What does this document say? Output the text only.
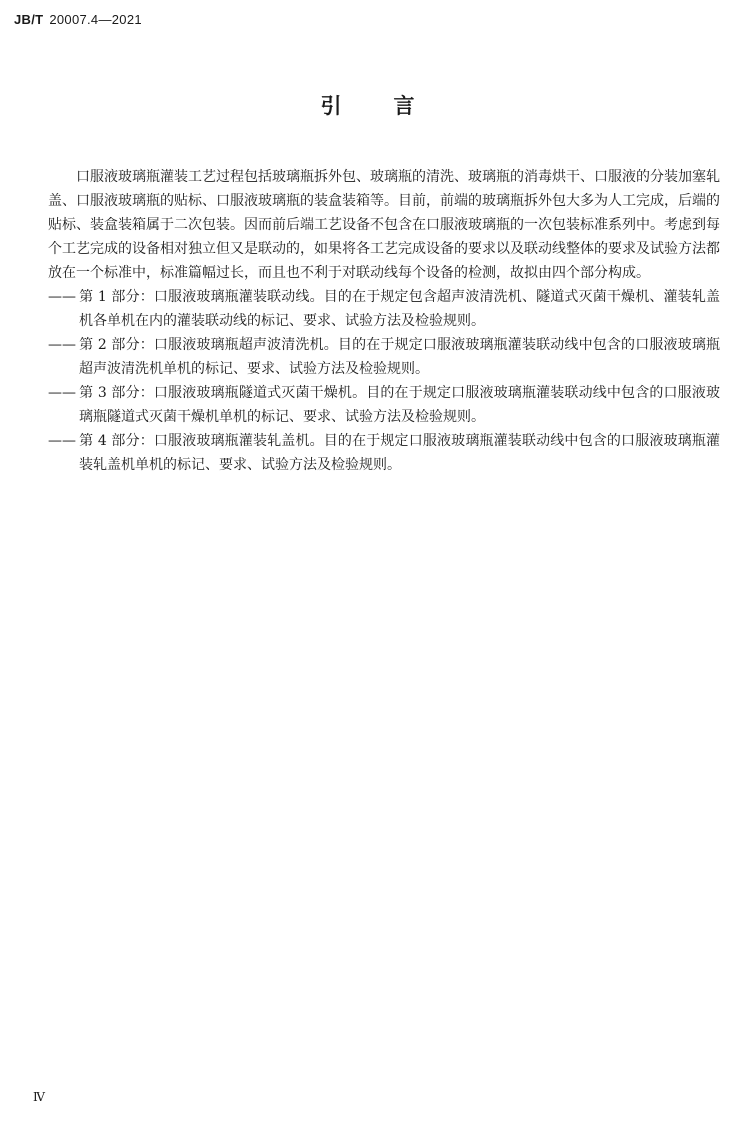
JB/T 20007.4—2021
引言

口服液玻璃瓶灌装工艺过程包括玻璃瓶拆外包、玻璃瓶的清洗、玻璃瓶的消毒烘干、口服液的分装加塞轧盖、口服液玻璃瓶的贴标、口服液玻璃瓶的装盒装箱等。目前，前端的玻璃瓶拆外包大多为人工完成，后端的贴标、装盒装箱属于二次包装。因而前后端工艺设备不包含在口服液玻璃瓶的一次包装标准系列中。考虑到每个工艺完成的设备相对独立但又是联动的，如果将各工艺完成设备的要求以及联动线整体的要求及试验方法都放在一个标准中，标准篇幅过长，而且也不利于对联动线每个设备的检测，故拟由四个部分构成。

—— 第 1 部分：口服液玻璃瓶灌装联动线。目的在于规定包含超声波清洗机、隧道式灭菌干燥机、灌装轧盖机各单机在内的灌装联动线的标记、要求、试验方法及检验规则。

—— 第 2 部分：口服液玻璃瓶超声波清洗机。目的在于规定口服液玻璃瓶灌装联动线中包含的口服液玻璃瓶超声波清洗机单机的标记、要求、试验方法及检验规则。

—— 第 3 部分：口服液玻璃瓶隧道式灭菌干燥机。目的在于规定口服液玻璃瓶灌装联动线中包含的口服液玻璃瓶隧道式灭菌干燥机单机的标记、要求、试验方法及检验规则。

—— 第 4 部分：口服液玻璃瓶灌装轧盖机。目的在于规定口服液玻璃瓶灌装联动线中包含的口服液玻璃瓶灌装轧盖机单机的标记、要求、试验方法及检验规则。

Ⅳ
